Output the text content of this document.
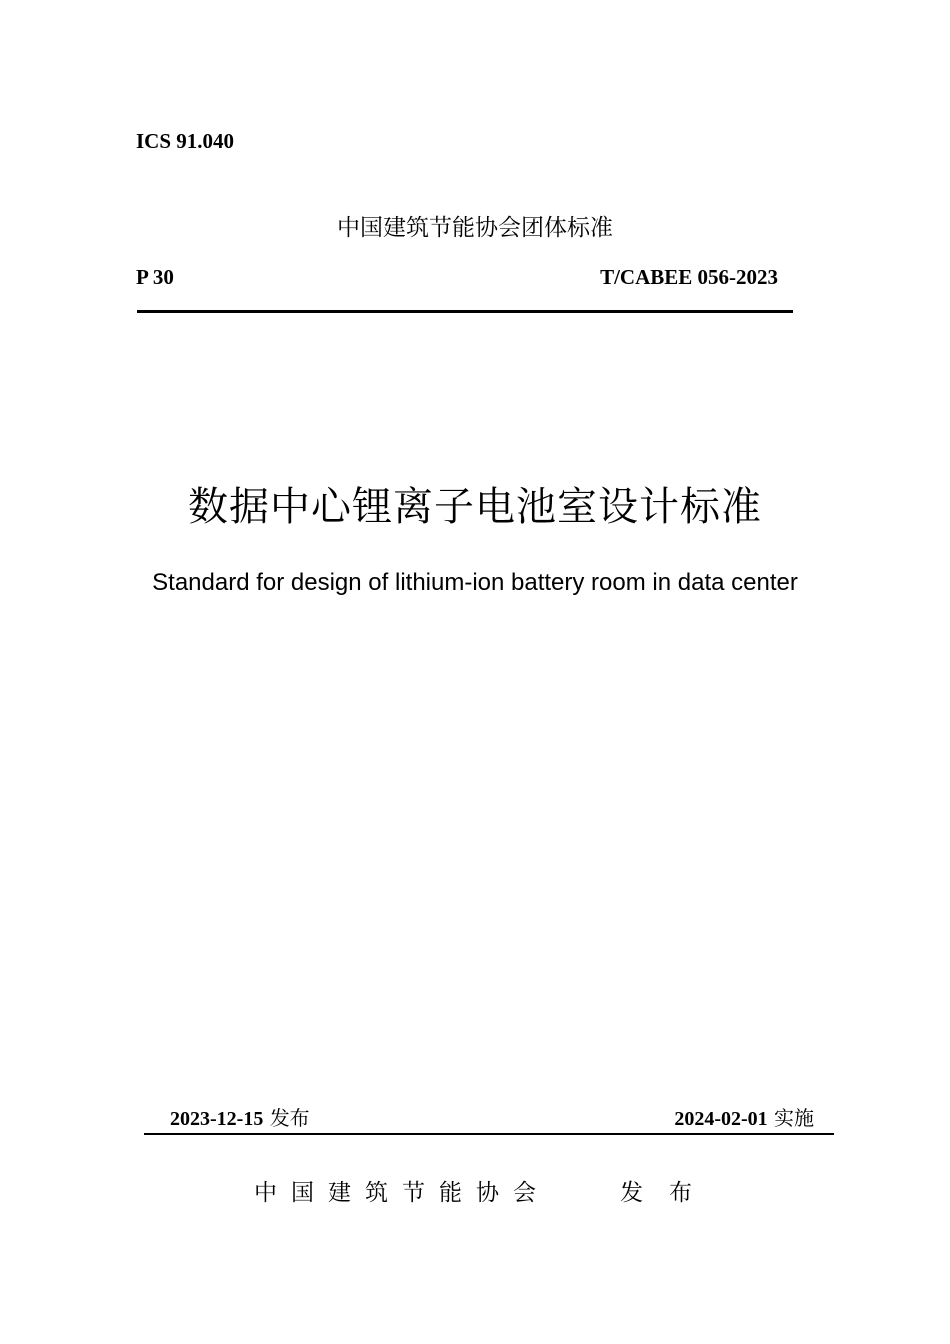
ICS 91.040
中国建筑节能协会团体标准
P 30	T/CABEE 056-2023
数据中心锂离子电池室设计标准
Standard for design of lithium-ion battery room in data center
2023-12-15 发布	2024-02-01 实施
中国建筑节能协会	发布
